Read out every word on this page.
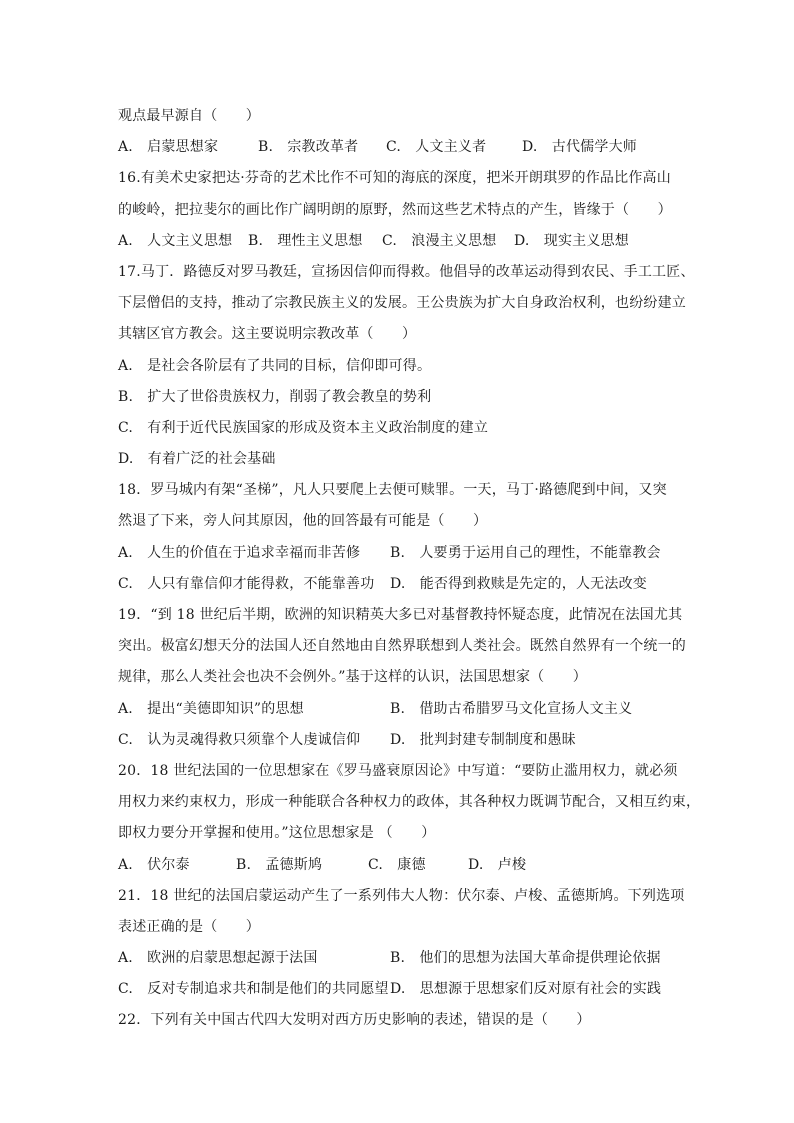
观点最早源自（　　）
A.　启蒙思想家	B.　宗教改革者 C.　人文主义者	D.　古代儒学大师
16.有美术史家把达·芬奇的艺术比作不可知的海底的深度，把米开朗琪罗的作品比作高山
的峻岭，把拉斐尔的画比作广阔明朗的原野，然而这些艺术特点的产生，皆缘于（　　）
A.　人文主义思想 B.　理性主义思想 C.　浪漫主义思想 D.　现实主义思想
17.马丁．路德反对罗马教廷，宣扬因信仰而得救。他倡导的改革运动得到农民、手工工匠、
下层僧侣的支持，推动了宗教民族主义的发展。王公贵族为扩大自身政治权利，也纷纷建立
其辖区官方教会。这主要说明宗教改革（　　）
A.　是社会各阶层有了共同的目标，信仰即可得。
B.　扩大了世俗贵族权力，削弱了教会教皇的势利
C.　有利于近代民族国家的形成及资本主义政治制度的建立
D.　有着广泛的社会基础
18．罗马城内有架“圣梯”，凡人只要爬上去便可赎罪。一天，马丁·路德爬到中间，又突
然退了下来，旁人问其原因，他的回答最有可能是（　　）
A.　人生的价值在于追求幸福而非苦修 B.　人要勇于运用自己的理性，不能靠教会
C.　人只有靠信仰才能得救，不能靠善功 D.　能否得到救赎是先定的，人无法改变
19．“到 18 世纪后半期，欧洲的知识精英大多已对基督教持怀疑态度，此情况在法国尤其
突出。极富幻想天分的法国人还自然地由自然界联想到人类社会。既然自然界有一个统一的
规律，那么人类社会也决不会例外。”基于这样的认识，法国思想家（　　）
A.　提出“美德即知识”的思想	B.　借助古希腊罗马文化宣扬人文主义
C.　认为灵魂得救只须靠个人虔诚信仰 D.　批判封建专制制度和愚昧
20．18 世纪法国的一位思想家在《罗马盛衰原因论》中写道：“要防止滥用权力，就必须
用权力来约束权力，形成一种能联合各种权力的政体，其各种权力既调节配合，又相互约束，
即权力要分开掌握和使用。”这位思想家是 （　　）
A.　伏尔泰	B.　孟德斯鸠	C.　康德	D.　卢梭
21．18 世纪的法国启蒙运动产生了一系列伟大人物：伏尔泰、卢梭、孟德斯鸠。下列选项
表述正确的是（　　）
A.　欧洲的启蒙思想起源于法国	B.　他们的思想为法国大革命提供理论依据
C.　反对专制追求共和制是他们的共同愿望D.　思想源于思想家们反对原有社会的实践
22．下列有关中国古代四大发明对西方历史影响的表述，错误的是（　　）
